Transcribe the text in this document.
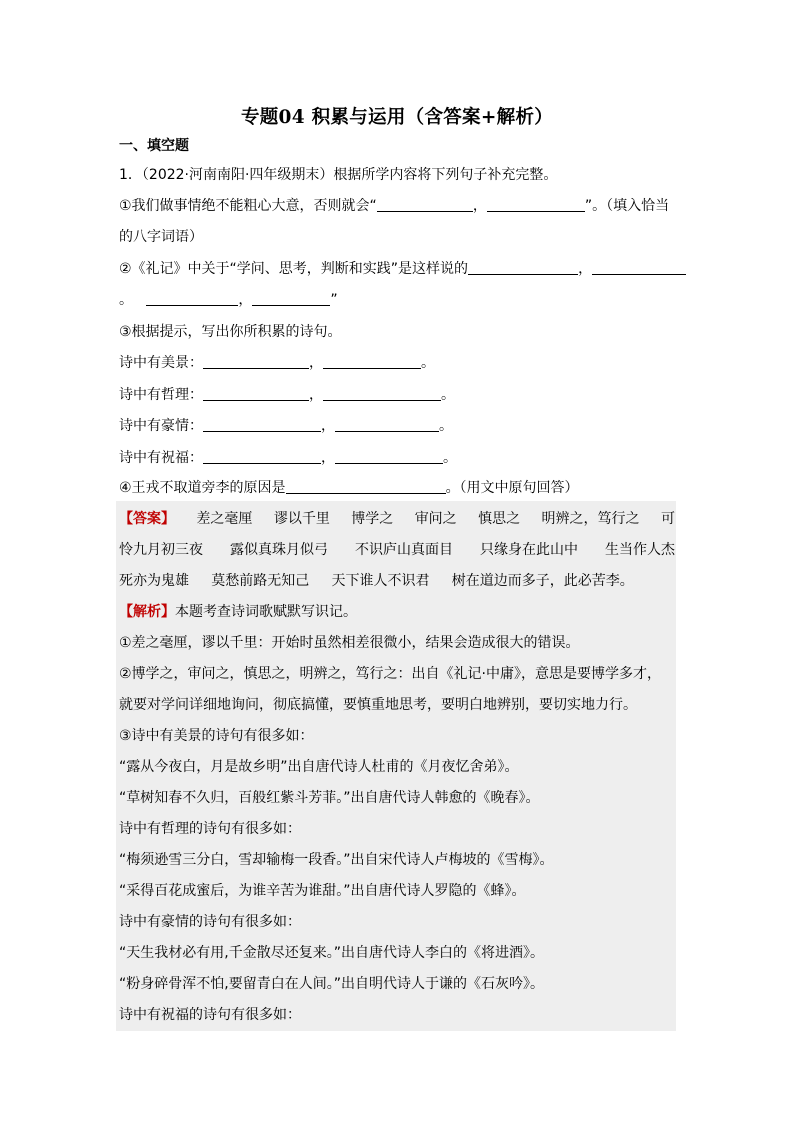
专题04 积累与运用（含答案+解析）
一、填空题
1．（2022·河南南阳·四年级期末）根据所学内容将下列句子补充完整。
①我们做事情绝不能粗心大意，否则就会“	，	”。（填入恰当
的八字词语）
②《礼记》中关于“学问、思考，判断和实践”是这样说的	，
。	，	”
③根据提示，写出你所积累的诗句。
诗中有美景：	，	。
诗中有哲理：	，	。
诗中有豪情：	，	。
诗中有祝福：	，	。
④王戎不取道旁李的原因是	。（用文中原句回答）
【答案】 差之毫厘 谬以千里 博学之 审问之 慎思之 明辨之，笃行之 可
怜九月初三夜 露似真珠月似弓 不识庐山真面目 只缘身在此山中 生当作人杰
死亦为鬼雄 莫愁前路无知己 天下谁人不识君 树在道边而多子，此必苦李。
【解析】本题考查诗词歌赋默写识记。
①差之毫厘，谬以千里：开始时虽然相差很微小，结果会造成很大的错误。
②博学之，审问之，慎思之，明辨之，笃行之：出自《礼记·中庸》，意思是要博学多才，
就要对学问详细地询问，彻底搞懂，要慎重地思考，要明白地辨别，要切实地力行。
③诗中有美景的诗句有很多如：
“露从今夜白，月是故乡明”出自唐代诗人杜甫的《月夜忆舍弟》。
“草树知春不久归，百般红紫斗芳菲。”出自唐代诗人韩愈的《晚春》。
诗中有哲理的诗句有很多如：
“梅须逊雪三分白，雪却输梅一段香。”出自宋代诗人卢梅坡的《雪梅》。
“采得百花成蜜后，为谁辛苦为谁甜。”出自唐代诗人罗隐的《蜂》。
诗中有豪情的诗句有很多如：
“天生我材必有用,千金散尽还复来。”出自唐代诗人李白的《将进酒》。
“粉身碎骨浑不怕,要留青白在人间。”出自明代诗人于谦的《石灰吟》。
诗中有祝福的诗句有很多如：
